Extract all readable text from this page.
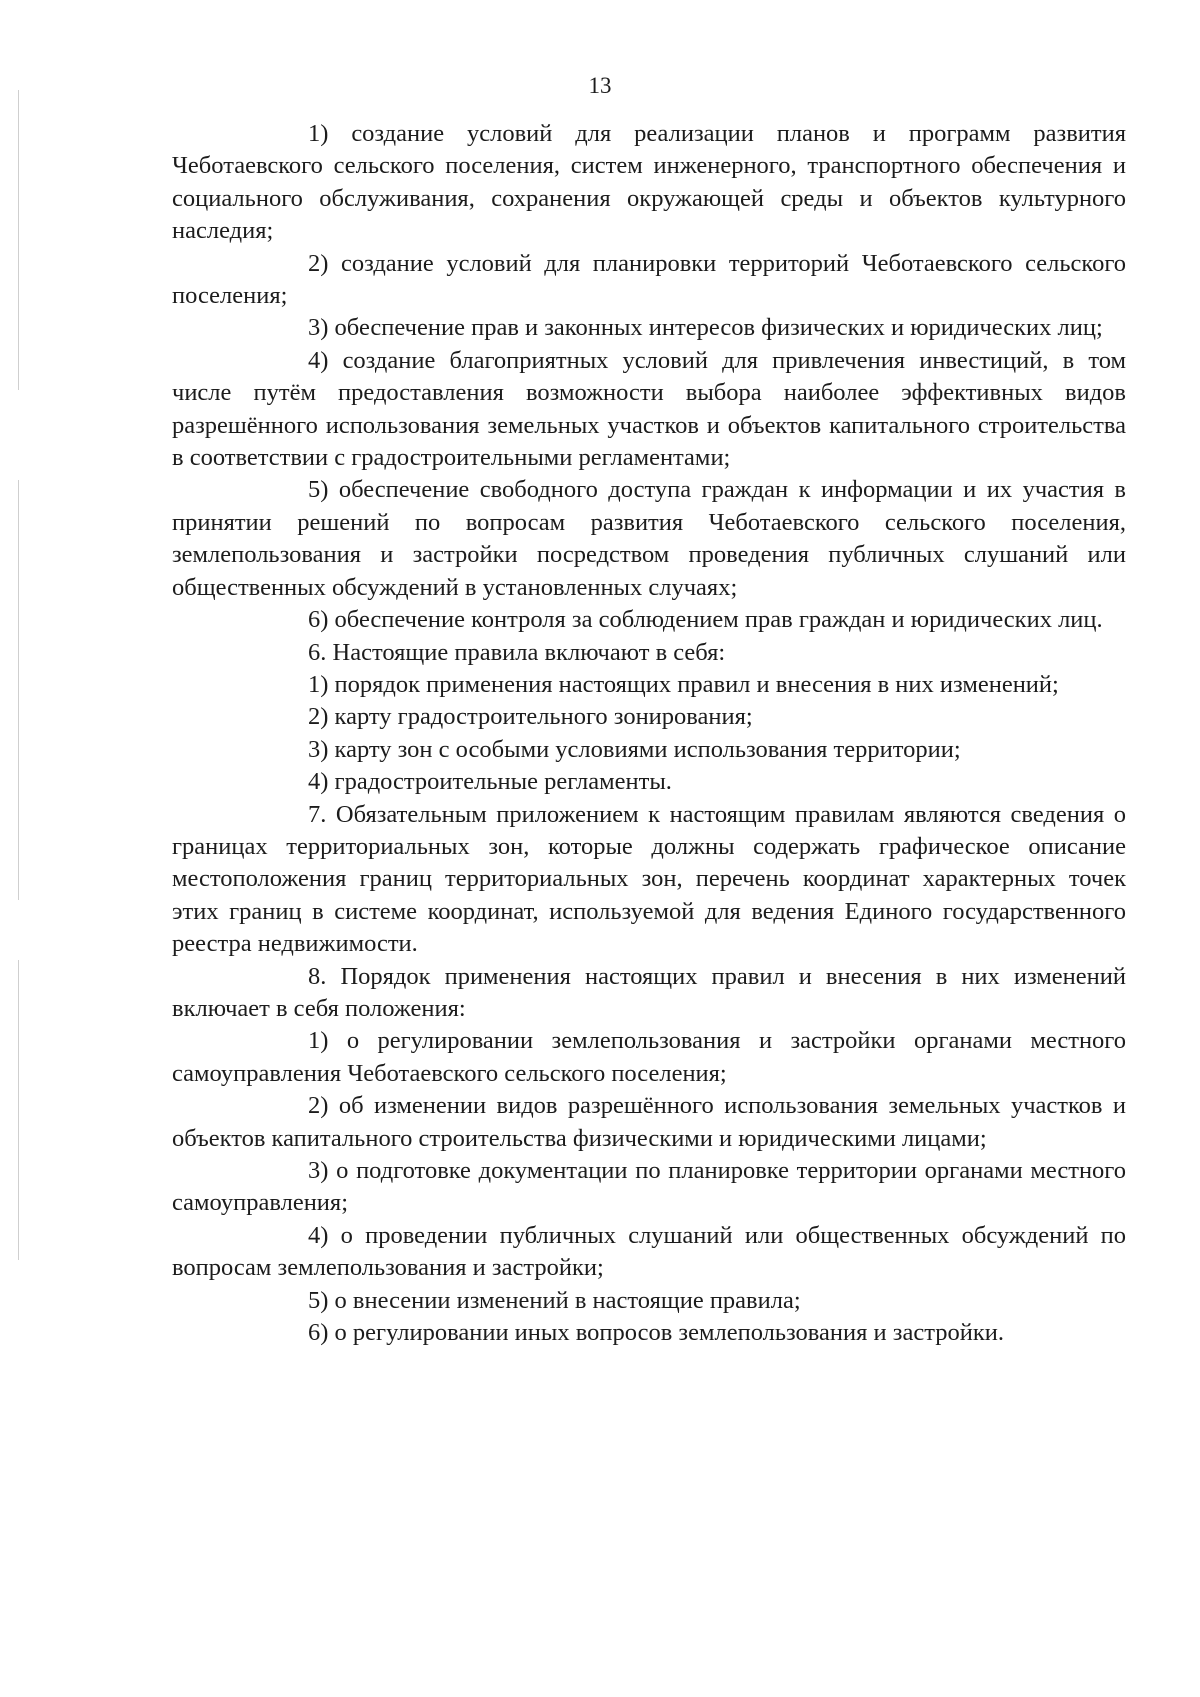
13

1) создание условий для реализации планов и программ развития Чеботаевского сельского поселения, систем инженерного, транспортного обеспечения и социального обслуживания, сохранения окружающей среды и объектов культурного наследия;

2) создание условий для планировки территорий Чеботаевского сельского поселения;

3) обеспечение прав и законных интересов физических и юридических лиц;

4) создание благоприятных условий для привлечения инвестиций, в том числе путём предоставления возможности выбора наиболее эффективных видов разрешённого использования земельных участков и объектов капитального строительства в соответствии с градостроительными регламентами;

5) обеспечение свободного доступа граждан к информации и их участия в принятии решений по вопросам развития Чеботаевского сельского поселения, землепользования и застройки посредством проведения публичных слушаний или общественных обсуждений в установленных случаях;

6) обеспечение контроля за соблюдением прав граждан и юридических лиц.

6. Настоящие правила включают в себя:

1) порядок применения настоящих правил и внесения в них изменений;

2) карту градостроительного зонирования;

3) карту зон с особыми условиями использования территории;

4) градостроительные регламенты.

7. Обязательным приложением к настоящим правилам являются сведения о границах территориальных зон, которые должны содержать графическое описание местоположения границ территориальных зон, перечень координат характерных точек этих границ в системе координат, используемой для ведения Единого государственного реестра недвижимости.

8. Порядок применения настоящих правил и внесения в них изменений включает в себя положения:

1) о регулировании землепользования и застройки органами местного самоуправления Чеботаевского сельского поселения;

2) об изменении видов разрешённого использования земельных участков и объектов капитального строительства физическими и юридическими лицами;

3) о подготовке документации по планировке территории органами местного самоуправления;

4) о проведении публичных слушаний или общественных обсуждений по вопросам землепользования и застройки;

5) о внесении изменений в настоящие правила;

6) о регулировании иных вопросов землепользования и застройки.
